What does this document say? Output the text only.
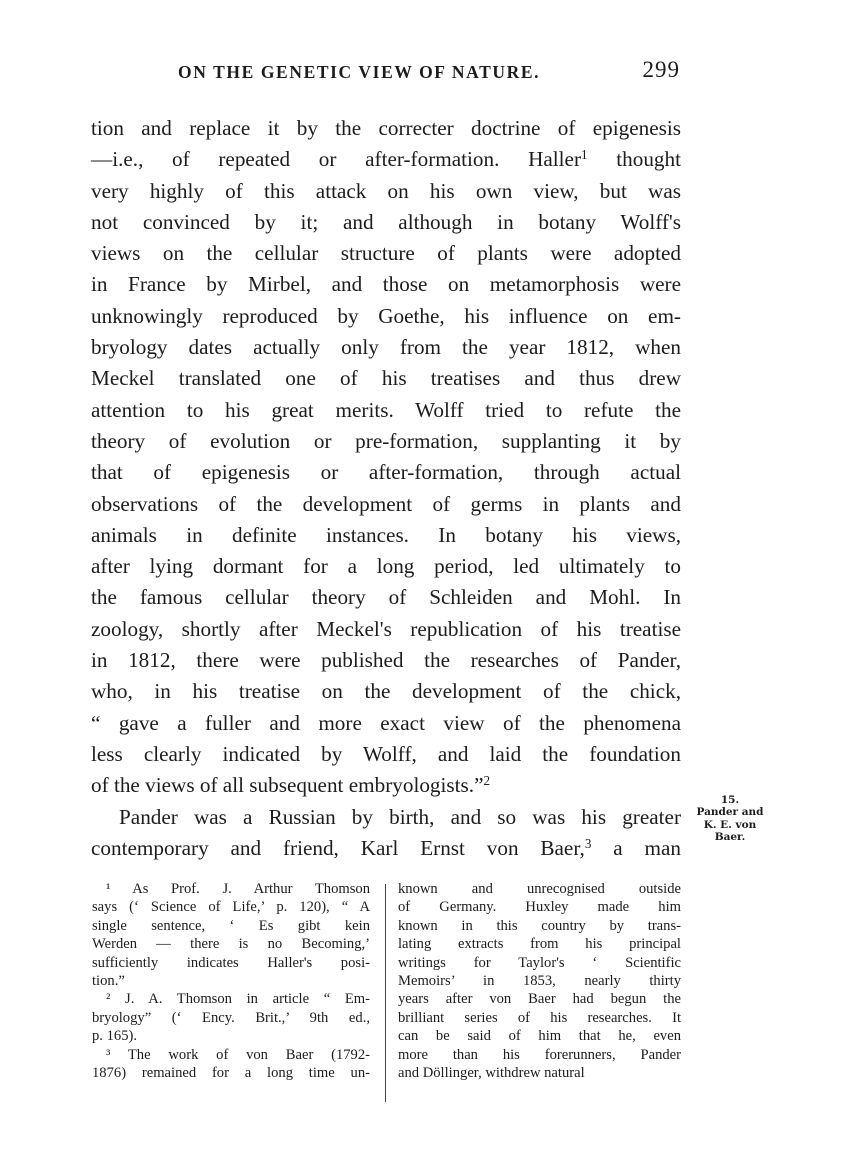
ON THE GENETIC VIEW OF NATURE.	299
tion and replace it by the correcter doctrine of epigenesis
—i.e., of repeated or after-formation. Haller$^1$ thought
very highly of this attack on his own view, but was
not convinced by it; and although in botany Wolff's
views on the cellular structure of plants were adopted
in France by Mirbel, and those on metamorphosis were
unknowingly reproduced by Goethe, his influence on em-
bryology dates actually only from the year 1812, when
Meckel translated one of his treatises and thus drew
attention to his great merits. Wolff tried to refute the
theory of evolution or pre-formation, supplanting it by
that of epigenesis or after-formation, through actual
observations of the development of germs in plants and
animals in definite instances. In botany his views,
after lying dormant for a long period, led ultimately to
the famous cellular theory of Schleiden and Mohl. In
zoology, shortly after Meckel's republication of his treatise
in 1812, there were published the researches of Pander,
who, in his treatise on the development of the chick,
“ gave a fuller and more exact view of the phenomena
less clearly indicated by Wolff, and laid the foundation
of the views of all subsequent embryologists.”$^2$
Pander was a Russian by birth, and so was his greater
contemporary and friend, Karl Ernst von Baer,$^3$ a man
15.
Pander and
K. E. von
Baer.
¹ As Prof. J. Arthur Thomson
says (‘ Science of Life,’ p. 120), “ A
single sentence, ‘ Es gibt kein
Werden — there is no Becoming,’
sufficiently indicates Haller's posi-
tion.”
² J. A. Thomson in article “ Em-
bryology” (‘ Ency. Brit.,’ 9th ed.,
p. 165).
³ The work of von Baer (1792-
1876) remained for a long time un-
known and unrecognised outside
of Germany. Huxley made him
known in this country by trans-
lating extracts from his principal
writings for Taylor's ‘ Scientific
Memoirs’ in 1853, nearly thirty
years after von Baer had begun the
brilliant series of his researches. It
can be said of him that he, even
more than his forerunners, Pander
and Döllinger, withdrew natural
